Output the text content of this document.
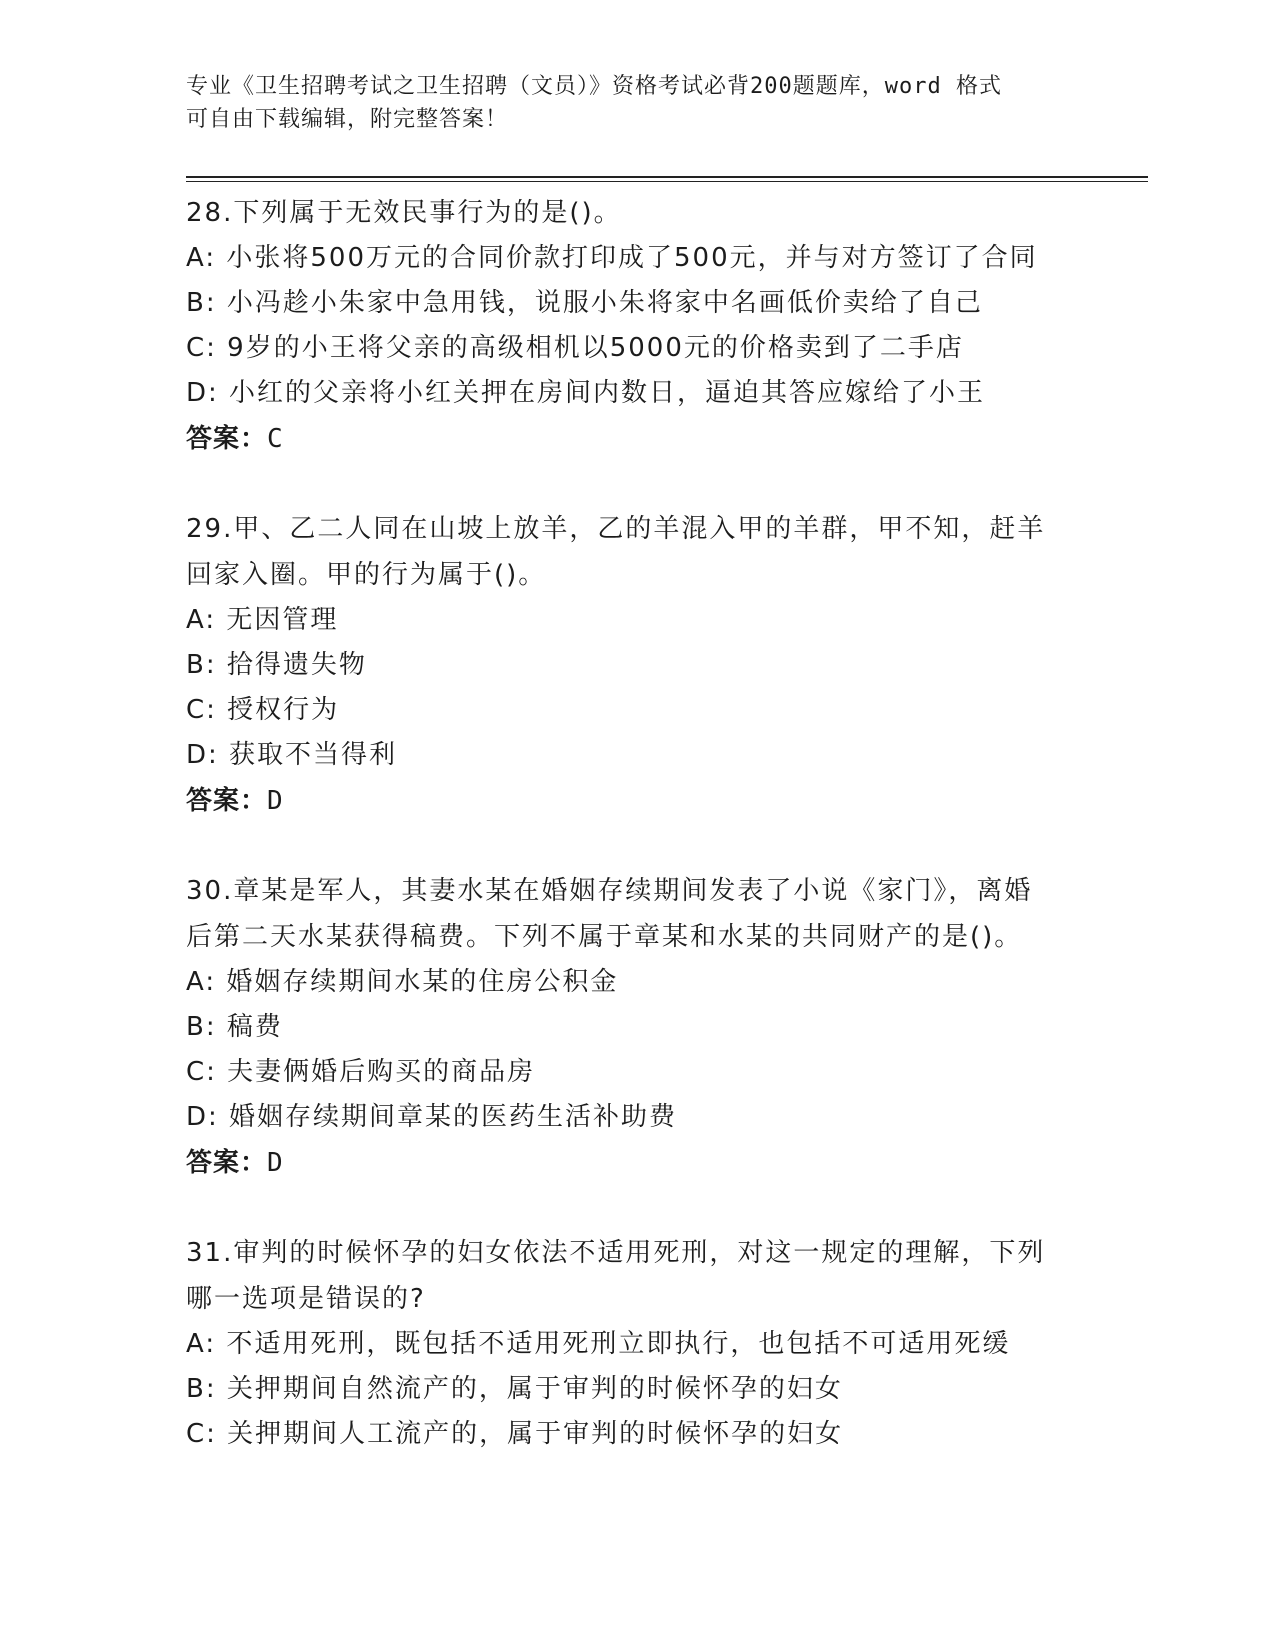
专业《卫生招聘考试之卫生招聘（文员）》资格考试必背200题题库，word 格式
可自由下载编辑，附完整答案！
28.下列属于无效民事行为的是()。
A: 小张将500万元的合同价款打印成了500元，并与对方签订了合同
B: 小冯趁小朱家中急用钱，说服小朱将家中名画低价卖给了自己
C: 9岁的小王将父亲的高级相机以5000元的价格卖到了二手店
D: 小红的父亲将小红关押在房间内数日，逼迫其答应嫁给了小王
答案：C
29.甲、乙二人同在山坡上放羊，乙的羊混入甲的羊群，甲不知，赶羊
回家入圈。甲的行为属于()。
A: 无因管理
B: 拾得遗失物
C: 授权行为
D: 获取不当得利
答案：D
30.章某是军人，其妻水某在婚姻存续期间发表了小说《家门》，离婚
后第二天水某获得稿费。下列不属于章某和水某的共同财产的是()。
A: 婚姻存续期间水某的住房公积金
B: 稿费
C: 夫妻俩婚后购买的商品房
D: 婚姻存续期间章某的医药生活补助费
答案：D
31.审判的时候怀孕的妇女依法不适用死刑，对这一规定的理解，下列
哪一选项是错误的?
A: 不适用死刑，既包括不适用死刑立即执行，也包括不可适用死缓
B: 关押期间自然流产的，属于审判的时候怀孕的妇女
C: 关押期间人工流产的，属于审判的时候怀孕的妇女
